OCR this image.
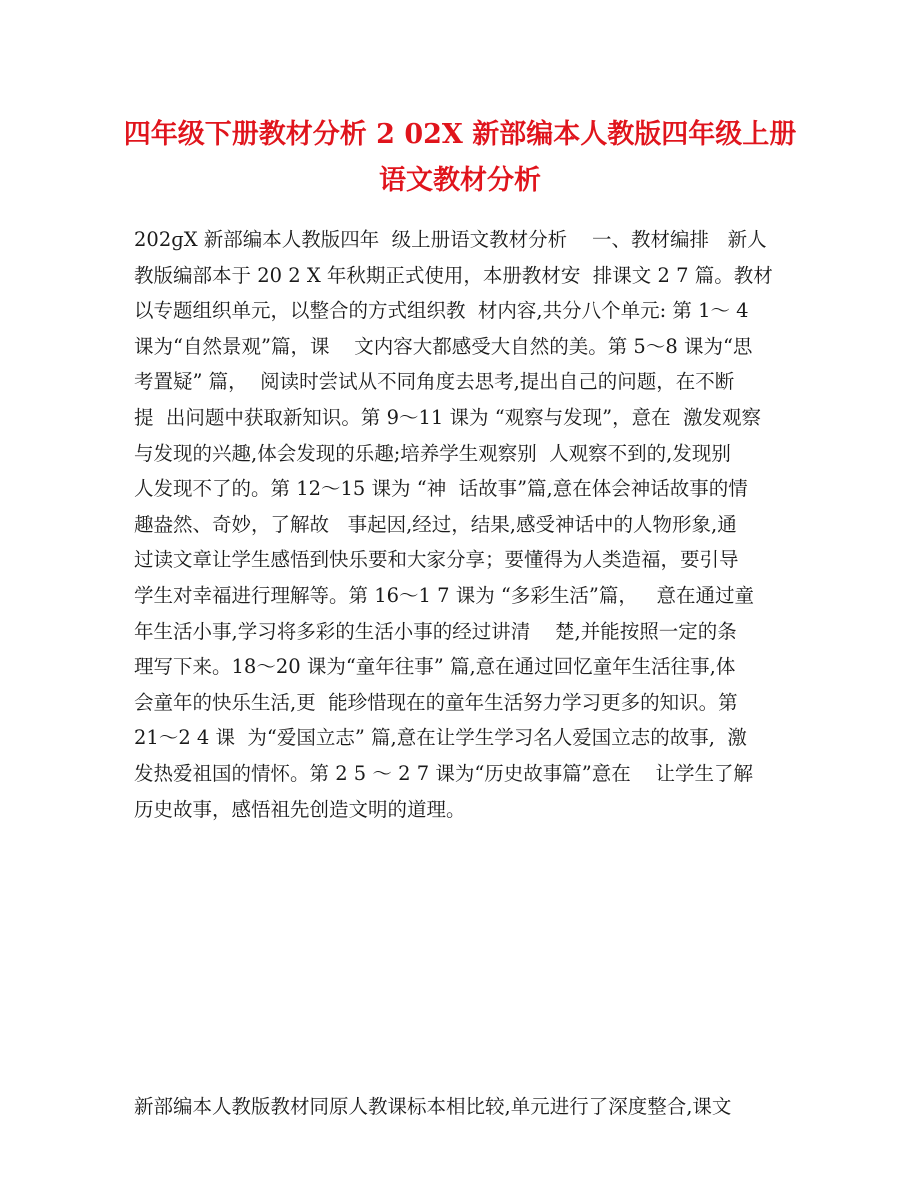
四年级下册教材分析 2 02X 新部编本人教版四年级上册
语文教材分析
202ɡX 新部编本人教版四年  级上册语文教材分析    一、教材编排   新人
教版编部本于 20 2 X 年秋期正式使用，本册教材安  排课文 2 7 篇。教材
以专题组织单元，以整合的方式组织教  材内容,共分八个单元: 第 1～ 4
课为“自然景观”篇，课    文内容大都感受大自然的美。第 5～8 课为“思
考置疑” 篇，  阅读时尝试从不同角度去思考,提出自己的问题，在不断
提  出问题中获取新知识。第 9～11 课为 “观察与发现”，意在  激发观察
与发现的兴趣,体会发现的乐趣;培养学生观察别  人观察不到的,发现别
人发现不了的。第 12～15 课为 “神  话故事”篇,意在体会神话故事的情
趣盎然、奇妙，了解故   事起因,经过，结果,感受神话中的人物形象,通
过读文章让学生感悟到快乐要和大家分享；要懂得为人类造福，要引导
学生对幸福进行理解等。第 16～1 7 课为 “多彩生活”篇，   意在通过童
年生活小事,学习将多彩的生活小事的经过讲清    楚,并能按照一定的条
理写下来。18～20 课为“童年往事” 篇,意在通过回忆童年生活往事,体
会童年的快乐生活,更  能珍惜现在的童年生活努力学习更多的知识。第
21～2 4 课  为“爱国立志” 篇,意在让学生学习名人爱国立志的故事,  激
发热爱祖国的情怀。第 2 5 ～ 2 7 课为“历史故事篇”意在    让学生了解
历史故事，感悟祖先创造文明的道理。
新部编本人教版教材同原人教课标本相比较,单元进行了深度整合,课文
